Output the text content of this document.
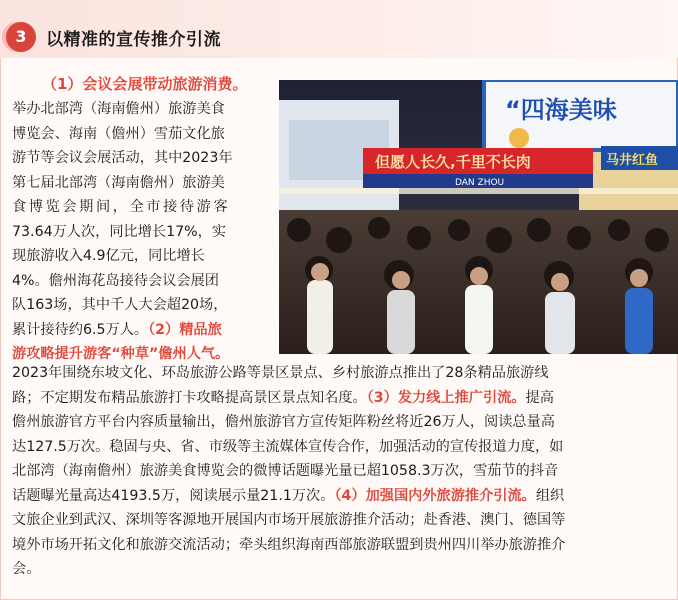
3	以精准的宣传推介引流
“四海美味
但愿人长久,千里不长肉
DAN ZHOU
马井红鱼
（1）会议会展带动旅游消费。
举办北部湾（海南儋州）旅游美食
博览会、海南（儋州）雪茄文化旅
游节等会议会展活动，其中2023年
第七届北部湾（海南儋州）旅游美
食博览会期间，全市接待游客
73.64万人次，同比增长17%，实
现旅游收入4.9亿元，同比增长
4%。儋州海花岛接待会议会展团
队163场，其中千人大会超20场，
累计接待约6.5万人。（2）精品旅
游攻略提升游客“种草”儋州人气。
2023年围绕东坡文化、环岛旅游公路等景区景点、乡村旅游点推出了28条精品旅游线
路；不定期发布精品旅游打卡攻略提高景区景点知名度。（3）发力线上推广引流。提高
儋州旅游官方平台内容质量输出，儋州旅游官方宣传矩阵粉丝将近26万人，阅读总量高
达127.5万次。稳固与央、省、市级等主流媒体宣传合作，加强活动的宣传报道力度，如
北部湾（海南儋州）旅游美食博览会的微博话题曝光量已超1058.3万次，雪茄节的抖音
话题曝光量高达4193.5万，阅读展示量21.1万次。（4）加强国内外旅游推介引流。组织
文旅企业到武汉、深圳等客源地开展国内市场开展旅游推介活动；赴香港、澳门、德国等
境外市场开拓文化和旅游交流活动；牵头组织海南西部旅游联盟到贵州四川举办旅游推介
会。
